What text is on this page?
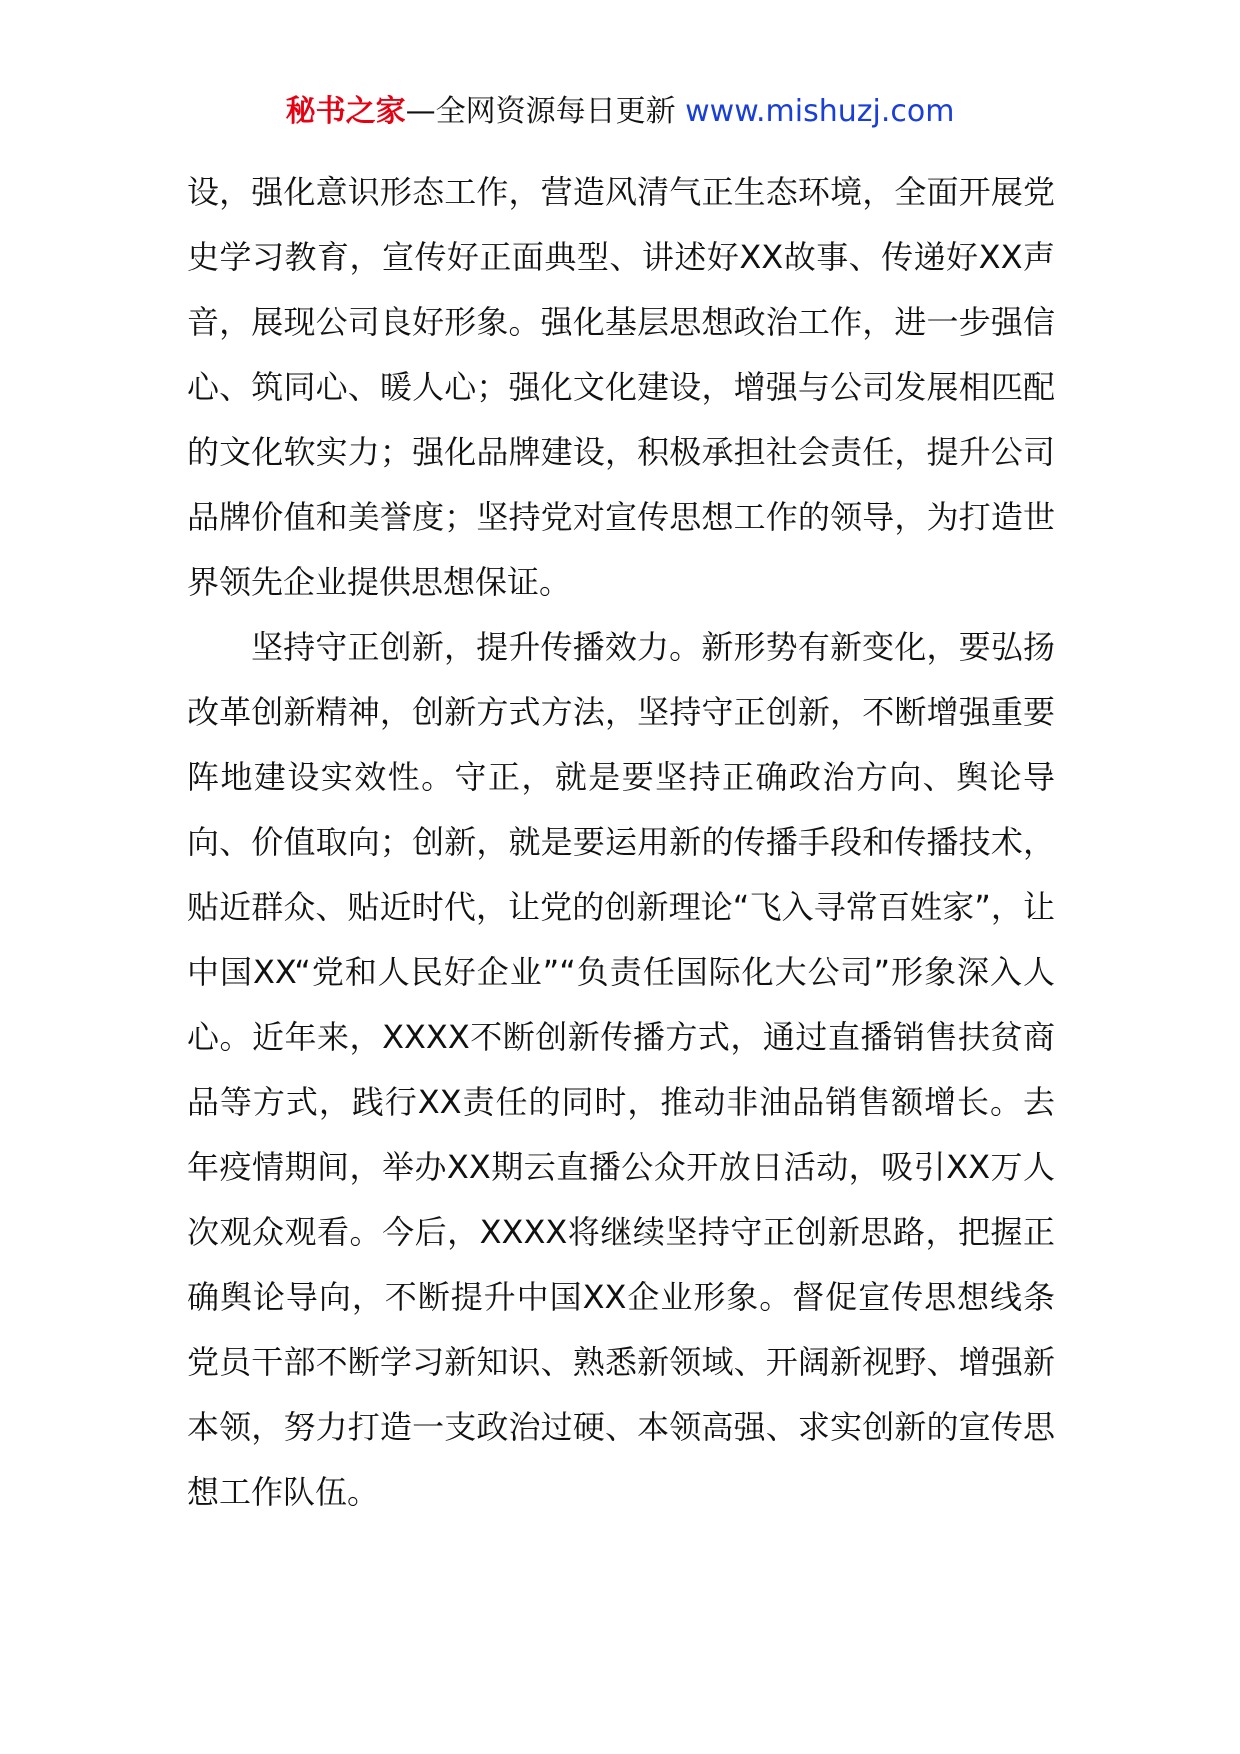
秘书之家—全网资源每日更新 www.mishuzj.com

设，强化意识形态工作，营造风清气正生态环境，全面开展党史学习教育，宣传好正面典型、讲述好XX故事、传递好XX声音，展现公司良好形象。强化基层思想政治工作，进一步强信心、筑同心、暖人心；强化文化建设，增强与公司发展相匹配的文化软实力；强化品牌建设，积极承担社会责任，提升公司品牌价值和美誉度；坚持党对宣传思想工作的领导，为打造世界领先企业提供思想保证。

坚持守正创新，提升传播效力。新形势有新变化，要弘扬改革创新精神，创新方式方法，坚持守正创新，不断增强重要阵地建设实效性。守正，就是要坚持正确政治方向、舆论导向、价值取向；创新，就是要运用新的传播手段和传播技术，贴近群众、贴近时代，让党的创新理论“飞入寻常百姓家”，让中国XX“党和人民好企业”“负责任国际化大公司”形象深入人心。近年来，XXXX不断创新传播方式，通过直播销售扶贫商品等方式，践行XX责任的同时，推动非油品销售额增长。去年疫情期间，举办XX期云直播公众开放日活动，吸引XX万人次观众观看。今后，XXXX将继续坚持守正创新思路，把握正确舆论导向，不断提升中国XX企业形象。督促宣传思想线条党员干部不断学习新知识、熟悉新领域、开阔新视野、增强新本领，努力打造一支政治过硬、本领高强、求实创新的宣传思想工作队伍。
